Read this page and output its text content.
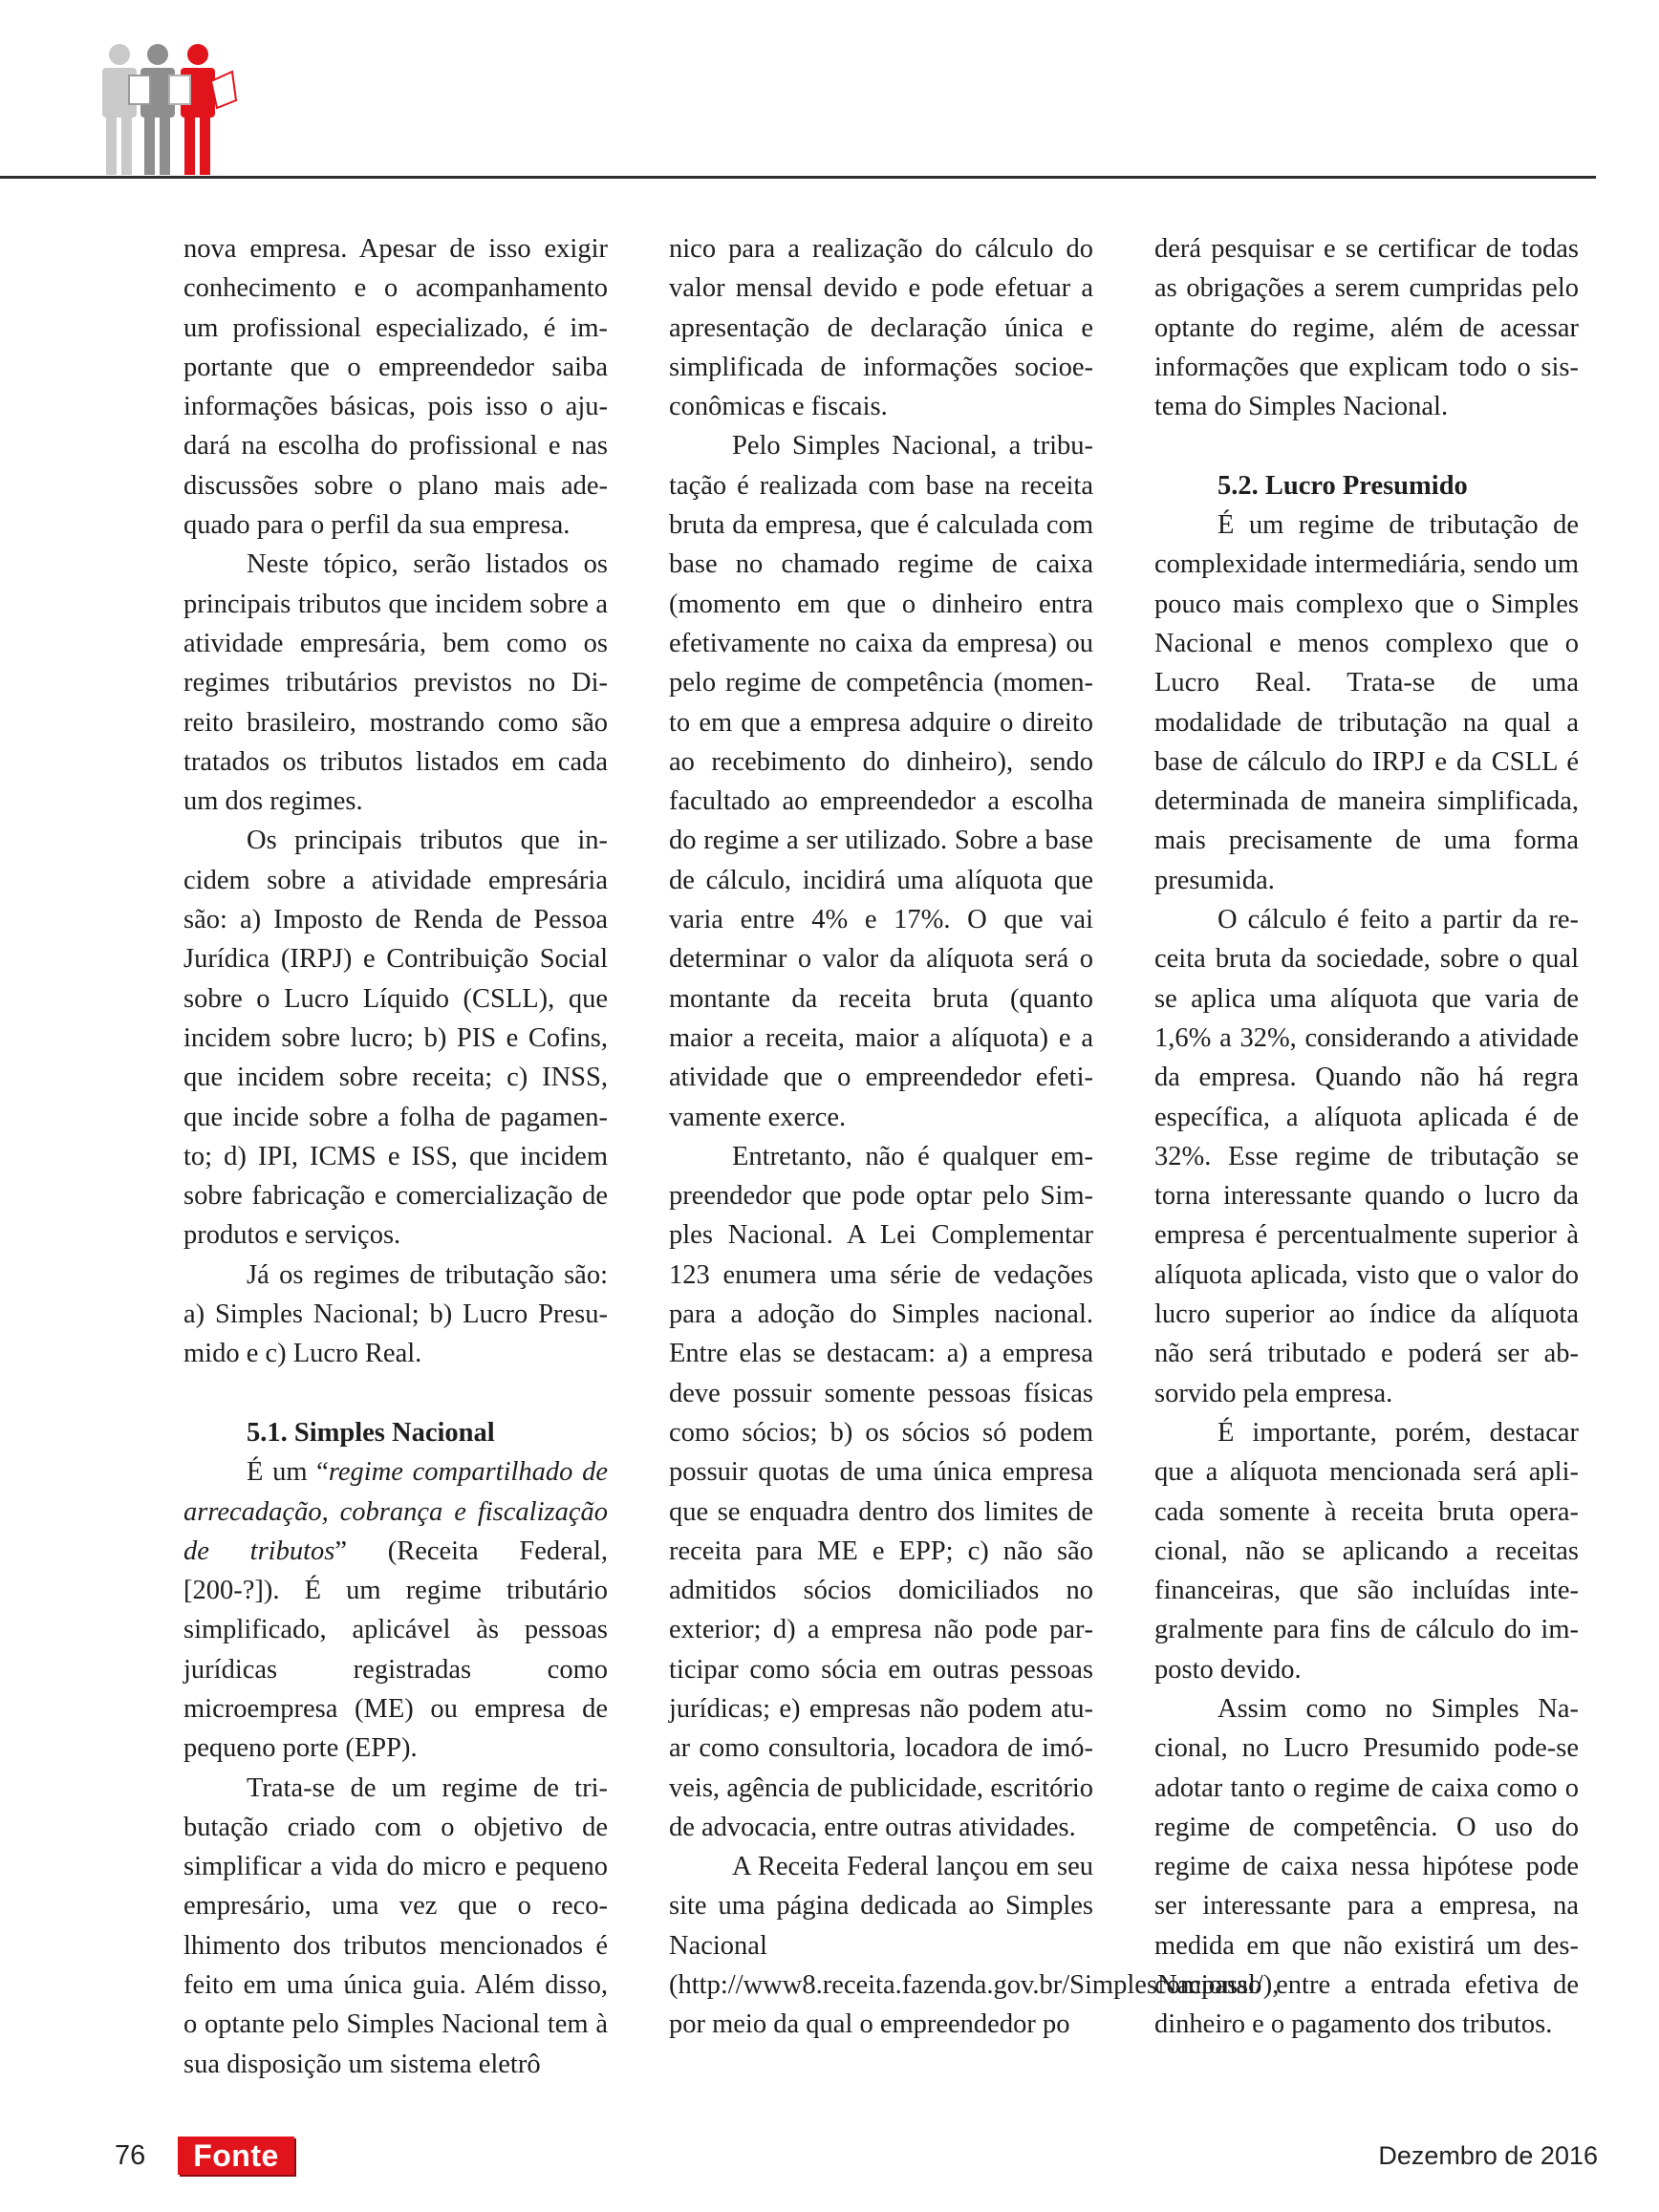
nova empresa. Apesar de isso exigir conhecimento e o acompanhamento um profissional especializado, é importante que o empreendedor saiba informações básicas, pois isso o ajudará na escolha do profissional e nas discussões sobre o plano mais adequado para o perfil da sua empresa.

Neste tópico, serão listados os principais tributos que incidem sobre a atividade empresária, bem como os regimes tributários previstos no Direito brasileiro, mostrando como são tratados os tributos listados em cada um dos regimes.

Os principais tributos que incidem sobre a atividade empresária são: a) Imposto de Renda de Pessoa Jurídica (IRPJ) e Contribuição Social sobre o Lucro Líquido (CSLL), que incidem sobre lucro; b) PIS e Cofins, que incidem sobre receita; c) INSS, que incide sobre a folha de pagamento; d) IPI, ICMS e ISS, que incidem sobre fabricação e comercialização de produtos e serviços.

Já os regimes de tributação são: a) Simples Nacional; b) Lucro Presumido e c) Lucro Real.

5.1. Simples Nacional

É um “regime compartilhado de arrecadação, cobrança e fiscalização de tributos” (Receita Federal, [200-?]). É um regime tributário simplificado, aplicável às pessoas jurídicas registradas como microempresa (ME) ou empresa de pequeno porte (EPP).

Trata-se de um regime de tributação criado com o objetivo de simplificar a vida do micro e pequeno empresário, uma vez que o recolhimento dos tributos mencionados é feito em uma única guia. Além disso, o optante pelo Simples Nacional tem à sua disposição um sistema eletrô

nico para a realização do cálculo do valor mensal devido e pode efetuar a apresentação de declaração única e simplificada de informações socioeconômicas e fiscais.

Pelo Simples Nacional, a tributação é realizada com base na receita bruta da empresa, que é calculada com base no chamado regime de caixa (momento em que o dinheiro entra efetivamente no caixa da empresa) ou pelo regime de competência (momento em que a empresa adquire o direito ao recebimento do dinheiro), sendo facultado ao empreendedor a escolha do regime a ser utilizado. Sobre a base de cálculo, incidirá uma alíquota que varia entre 4% e 17%. O que vai determinar o valor da alíquota será o montante da receita bruta (quanto maior a receita, maior a alíquota) e a atividade que o empreendedor efetivamente exerce.

Entretanto, não é qualquer empreendedor que pode optar pelo Simples Nacional. A Lei Complementar 123 enumera uma série de vedações para a adoção do Simples nacional. Entre elas se destacam: a) a empresa deve possuir somente pessoas físicas como sócios; b) os sócios só podem possuir quotas de uma única empresa que se enquadra dentro dos limites de receita para ME e EPP; c) não são admitidos sócios domiciliados no exterior; d) a empresa não pode participar como sócia em outras pessoas jurídicas; e) empresas não podem atuar como consultoria, locadora de imóveis, agência de publicidade, escritório de advocacia, entre outras atividades.

A Receita Federal lançou em seu site uma página dedicada ao Simples Nacional (http://www8.receita.fazenda.gov.br/SimplesNacional/), por meio da qual o empreendedor po

derá pesquisar e se certificar de todas as obrigações a serem cumpridas pelo optante do regime, além de acessar informações que explicam todo o sistema do Simples Nacional.

5.2. Lucro Presumido

É um regime de tributação de complexidade intermediária, sendo um pouco mais complexo que o Simples Nacional e menos complexo que o Lucro Real. Trata-se de uma modalidade de tributação na qual a base de cálculo do IRPJ e da CSLL é determinada de maneira simplificada, mais precisamente de uma forma presumida.

O cálculo é feito a partir da receita bruta da sociedade, sobre o qual se aplica uma alíquota que varia de 1,6% a 32%, considerando a atividade da empresa. Quando não há regra específica, a alíquota aplicada é de 32%. Esse regime de tributação se torna interessante quando o lucro da empresa é percentualmente superior à alíquota aplicada, visto que o valor do lucro superior ao índice da alíquota não será tributado e poderá ser absorvido pela empresa.

É importante, porém, destacar que a alíquota mencionada será aplicada somente à receita bruta operacional, não se aplicando a receitas financeiras, que são incluídas integralmente para fins de cálculo do imposto devido.

Assim como no Simples Nacional, no Lucro Presumido pode-se adotar tanto o regime de caixa como o regime de competência. O uso do regime de caixa nessa hipótese pode ser interessante para a empresa, na medida em que não existirá um descompasso entre a entrada efetiva de dinheiro e o pagamento dos tributos.

76	Fonte	Dezembro de 2016
